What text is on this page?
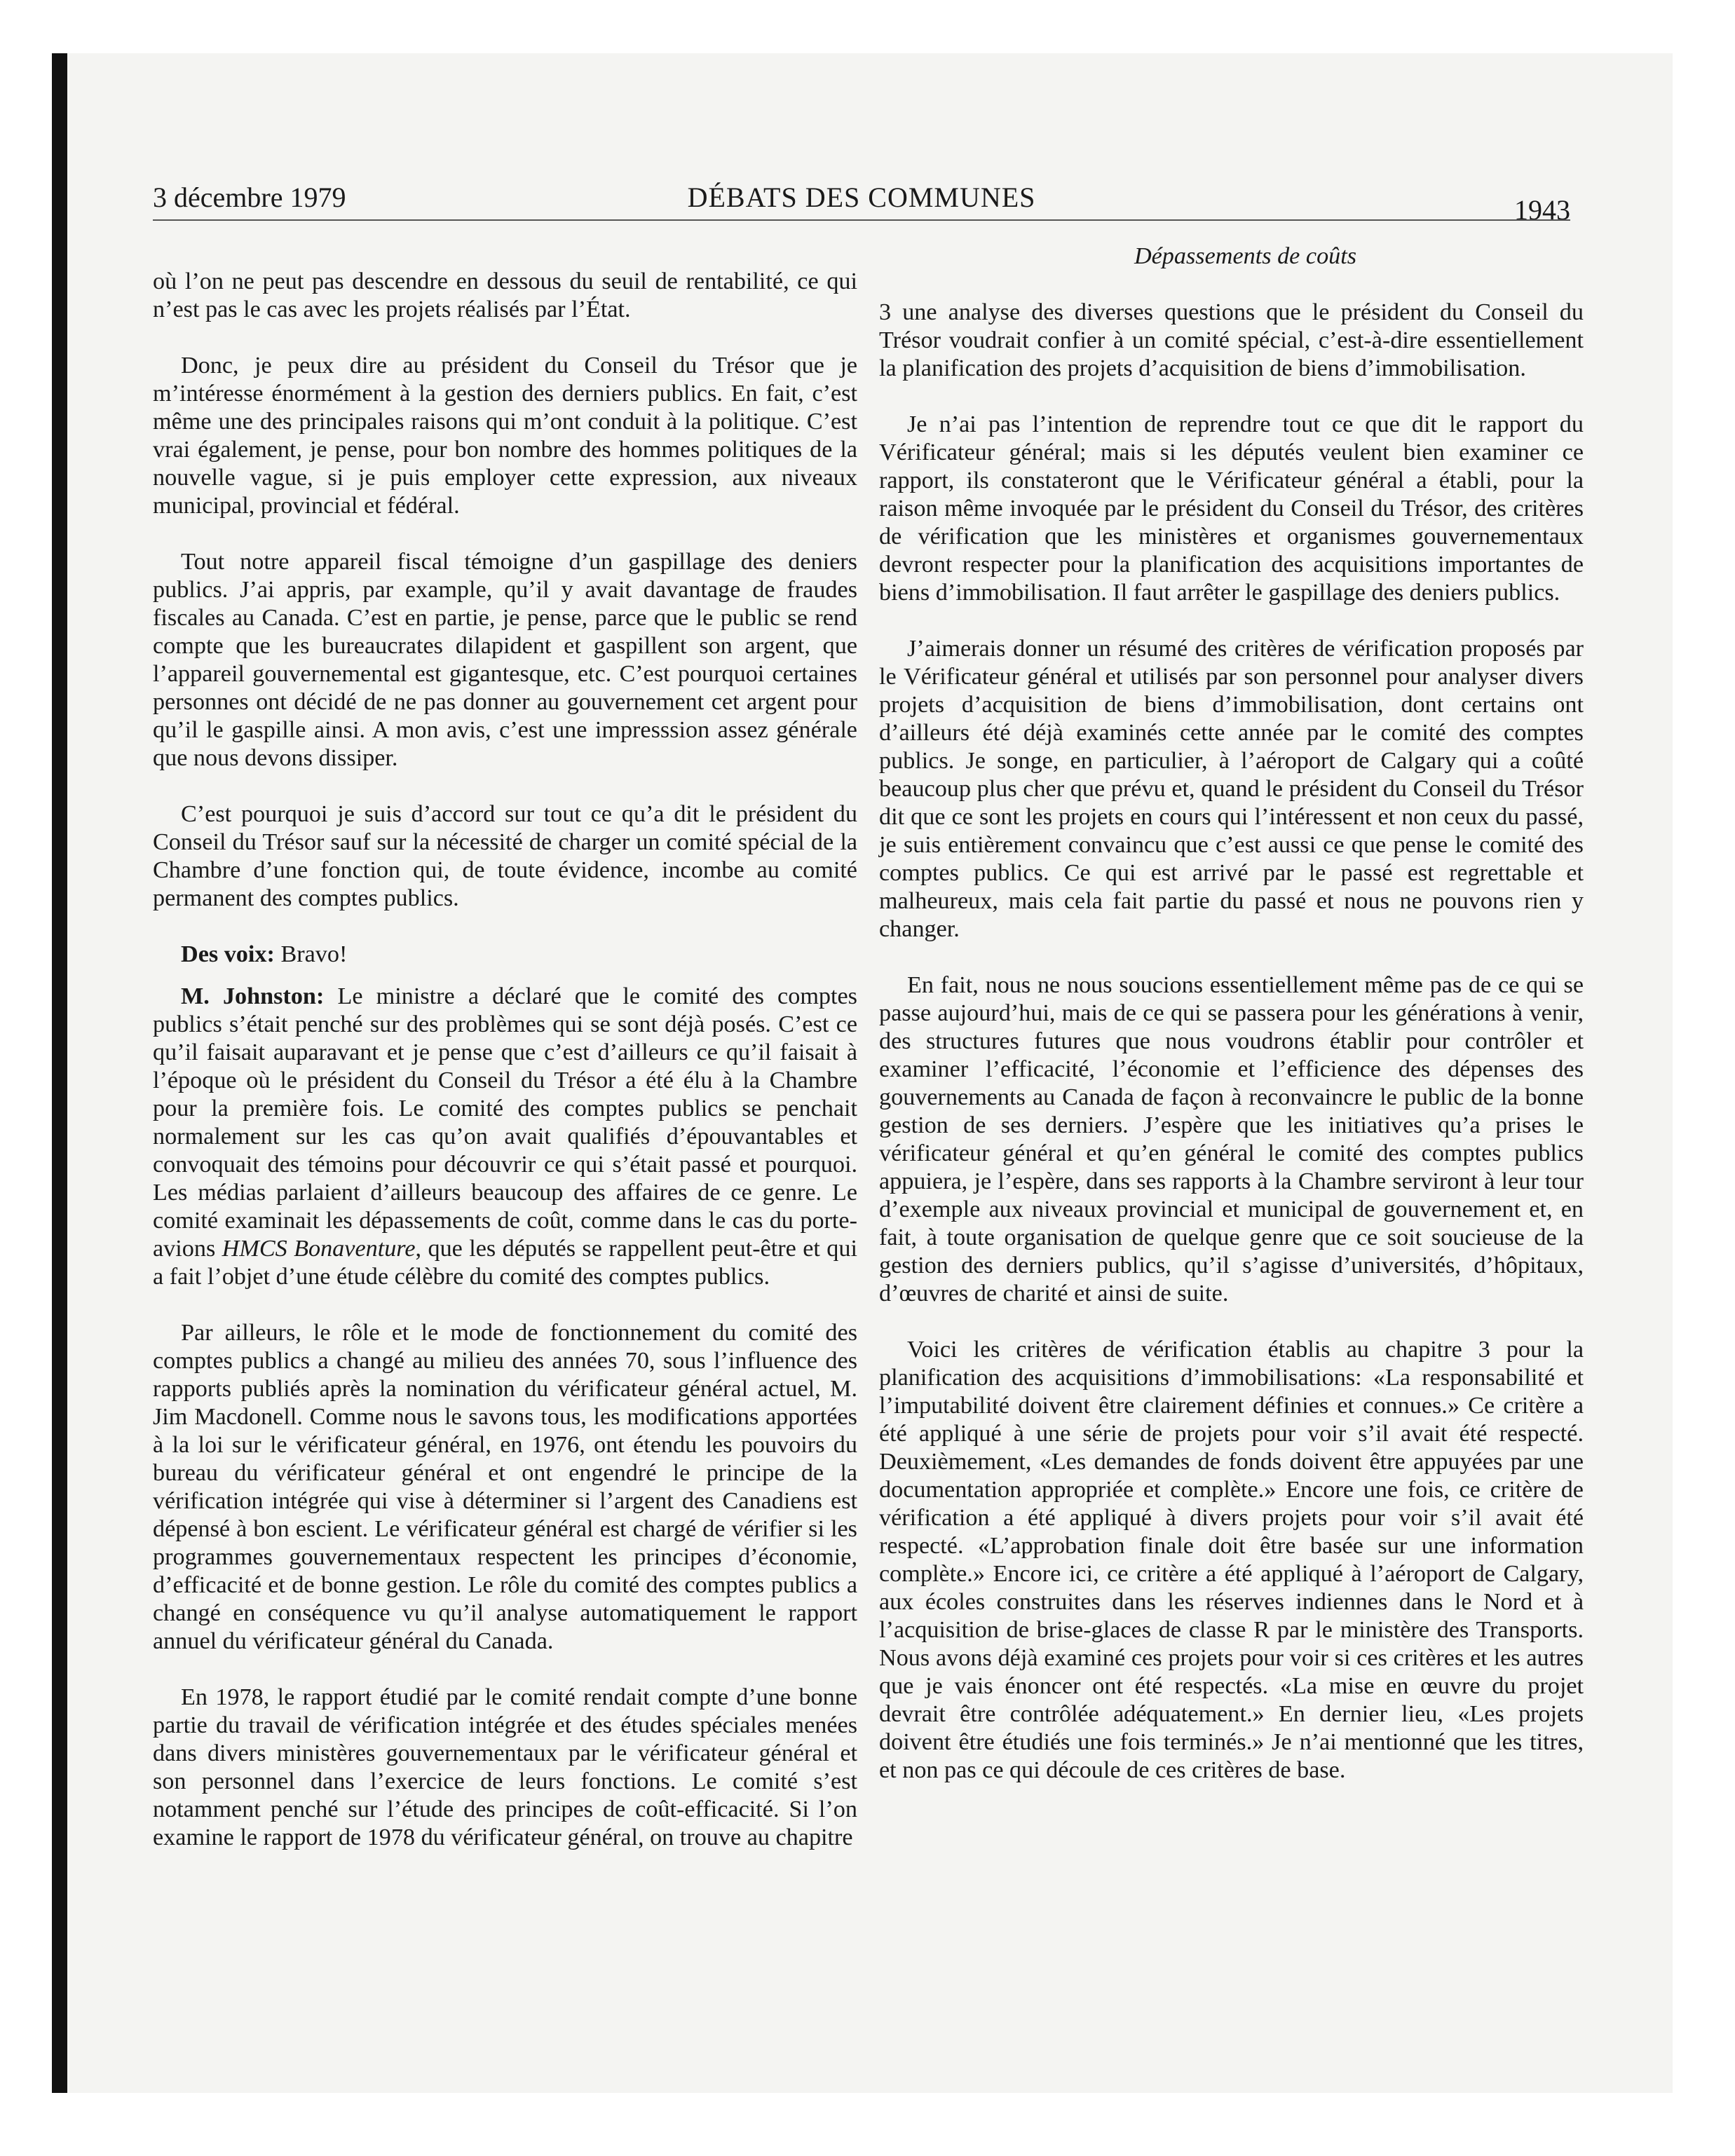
3 décembre 1979	DÉBATS DES COMMUNES	1943

où l’on ne peut pas descendre en dessous du seuil de rentabilité, ce qui n’est pas le cas avec les projets réalisés par l’État.

Donc, je peux dire au président du Conseil du Trésor que je m’intéresse énormément à la gestion des derniers publics. En fait, c’est même une des principales raisons qui m’ont conduit à la politique. C’est vrai également, je pense, pour bon nombre des hommes politiques de la nouvelle vague, si je puis employer cette expression, aux niveaux municipal, provincial et fédéral.

Tout notre appareil fiscal témoigne d’un gaspillage des deniers publics. J’ai appris, par example, qu’il y avait davantage de fraudes fiscales au Canada. C’est en partie, je pense, parce que le public se rend compte que les bureaucrates dilapident et gaspillent son argent, que l’appareil gouvernemental est gigantesque, etc. C’est pourquoi certaines personnes ont décidé de ne pas donner au gouvernement cet argent pour qu’il le gaspille ainsi. A mon avis, c’est une impresssion assez générale que nous devons dissiper.

C’est pourquoi je suis d’accord sur tout ce qu’a dit le président du Conseil du Trésor sauf sur la nécessité de charger un comité spécial de la Chambre d’une fonction qui, de toute évidence, incombe au comité permanent des comptes publics.

Des voix: Bravo!

M. Johnston: Le ministre a déclaré que le comité des comptes publics s’était penché sur des problèmes qui se sont déjà posés. C’est ce qu’il faisait auparavant et je pense que c’est d’ailleurs ce qu’il faisait à l’époque où le président du Conseil du Trésor a été élu à la Chambre pour la première fois. Le comité des comptes publics se penchait normalement sur les cas qu’on avait qualifiés d’épouvantables et convoquait des témoins pour découvrir ce qui s’était passé et pourquoi. Les médias parlaient d’ailleurs beaucoup des affaires de ce genre. Le comité examinait les dépassements de coût, comme dans le cas du porte-avions HMCS Bonaventure, que les députés se rappellent peut-être et qui a fait l’objet d’une étude célèbre du comité des comptes publics.

Par ailleurs, le rôle et le mode de fonctionnement du comité des comptes publics a changé au milieu des années 70, sous l’influence des rapports publiés après la nomination du vérificateur général actuel, M. Jim Macdonell. Comme nous le savons tous, les modifications apportées à la loi sur le vérificateur général, en 1976, ont étendu les pouvoirs du bureau du vérificateur général et ont engendré le principe de la vérification intégrée qui vise à déterminer si l’argent des Canadiens est dépensé à bon escient. Le vérificateur général est chargé de vérifier si les programmes gouvernementaux respectent les principes d’économie, d’efficacité et de bonne gestion. Le rôle du comité des comptes publics a changé en conséquence vu qu’il analyse automatiquement le rapport annuel du vérificateur général du Canada.

En 1978, le rapport étudié par le comité rendait compte d’une bonne partie du travail de vérification intégrée et des études spéciales menées dans divers ministères gouvernementaux par le vérificateur général et son personnel dans l’exercice de leurs fonctions. Le comité s’est notamment penché sur l’étude des principes de coût-efficacité. Si l’on examine le rapport de 1978 du vérificateur général, on trouve au chapitre

Dépassements de coûts

3 une analyse des diverses questions que le président du Conseil du Trésor voudrait confier à un comité spécial, c’est-à-dire essentiellement la planification des projets d’acquisition de biens d’immobilisation.

Je n’ai pas l’intention de reprendre tout ce que dit le rapport du Vérificateur général; mais si les députés veulent bien examiner ce rapport, ils constateront que le Vérificateur général a établi, pour la raison même invoquée par le président du Conseil du Trésor, des critères de vérification que les ministères et organismes gouvernementaux devront respecter pour la planification des acquisitions importantes de biens d’immobilisation. Il faut arrêter le gaspillage des deniers publics.

J’aimerais donner un résumé des critères de vérification proposés par le Vérificateur général et utilisés par son personnel pour analyser divers projets d’acquisition de biens d’immobilisation, dont certains ont d’ailleurs été déjà examinés cette année par le comité des comptes publics. Je songe, en particulier, à l’aéroport de Calgary qui a coûté beaucoup plus cher que prévu et, quand le président du Conseil du Trésor dit que ce sont les projets en cours qui l’intéressent et non ceux du passé, je suis entièrement convaincu que c’est aussi ce que pense le comité des comptes publics. Ce qui est arrivé par le passé est regrettable et malheureux, mais cela fait partie du passé et nous ne pouvons rien y changer.

En fait, nous ne nous soucions essentiellement même pas de ce qui se passe aujourd’hui, mais de ce qui se passera pour les générations à venir, des structures futures que nous voudrons établir pour contrôler et examiner l’efficacité, l’économie et l’efficience des dépenses des gouvernements au Canada de façon à reconvaincre le public de la bonne gestion de ses derniers. J’espère que les initiatives qu’a prises le vérificateur général et qu’en général le comité des comptes publics appuiera, je l’espère, dans ses rapports à la Chambre serviront à leur tour d’exemple aux niveaux provincial et municipal de gouvernement et, en fait, à toute organisation de quelque genre que ce soit soucieuse de la gestion des derniers publics, qu’il s’agisse d’universités, d’hôpitaux, d’œuvres de charité et ainsi de suite.

Voici les critères de vérification établis au chapitre 3 pour la planification des acquisitions d’immobilisations: «La responsabilité et l’imputabilité doivent être clairement définies et connues.» Ce critère a été appliqué à une série de projets pour voir s’il avait été respecté. Deuxièmement, «Les demandes de fonds doivent être appuyées par une documentation appropriée et complète.» Encore une fois, ce critère de vérification a été appliqué à divers projets pour voir s’il avait été respecté. «L’approbation finale doit être basée sur une information complète.» Encore ici, ce critère a été appliqué à l’aéroport de Calgary, aux écoles construites dans les réserves indiennes dans le Nord et à l’acquisition de brise-glaces de classe R par le ministère des Transports. Nous avons déjà examiné ces projets pour voir si ces critères et les autres que je vais énoncer ont été respectés. «La mise en œuvre du projet devrait être contrôlée adéquatement.» En dernier lieu, «Les projets doivent être étudiés une fois terminés.» Je n’ai mentionné que les titres, et non pas ce qui découle de ces critères de base.
